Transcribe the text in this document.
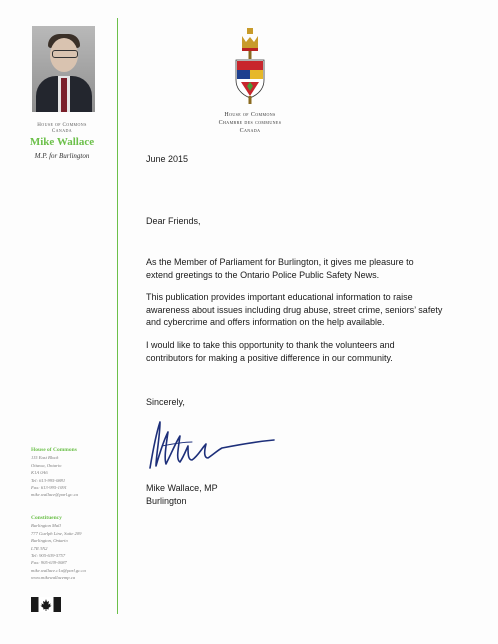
House of Commons
Canada
Mike Wallace
M.P. for Burlington
House of Commons
Chambre des communes
Canada
June 2015
Dear Friends,
As the Member of Parliament for Burlington, it gives me pleasure to
extend greetings to the Ontario Police Public Safety News.
This publication provides important educational information to raise
awareness about issues including drug abuse, street crime, seniors’ safety
and cybercrime and offers information on the help available.
I would like to take this opportunity to thank the volunteers and
contributors for making a positive difference in our community.
Sincerely,
Mike Wallace, MP
Burlington
House of Commons
115 East Block
Ottawa, Ontario
K1A 0A6
Tel: 613-995-0881
Fax: 613-995-1091
mike.wallace@parl.gc.ca
Constituency
Burlington Mall
777 Guelph Line, Suite 209
Burlington, Ontario
L7R 3N2
Tel: 905-639-5757
Fax: 905-639-0087
mike.wallace.c1a@parl.gc.ca
www.mikewallacemp.ca
